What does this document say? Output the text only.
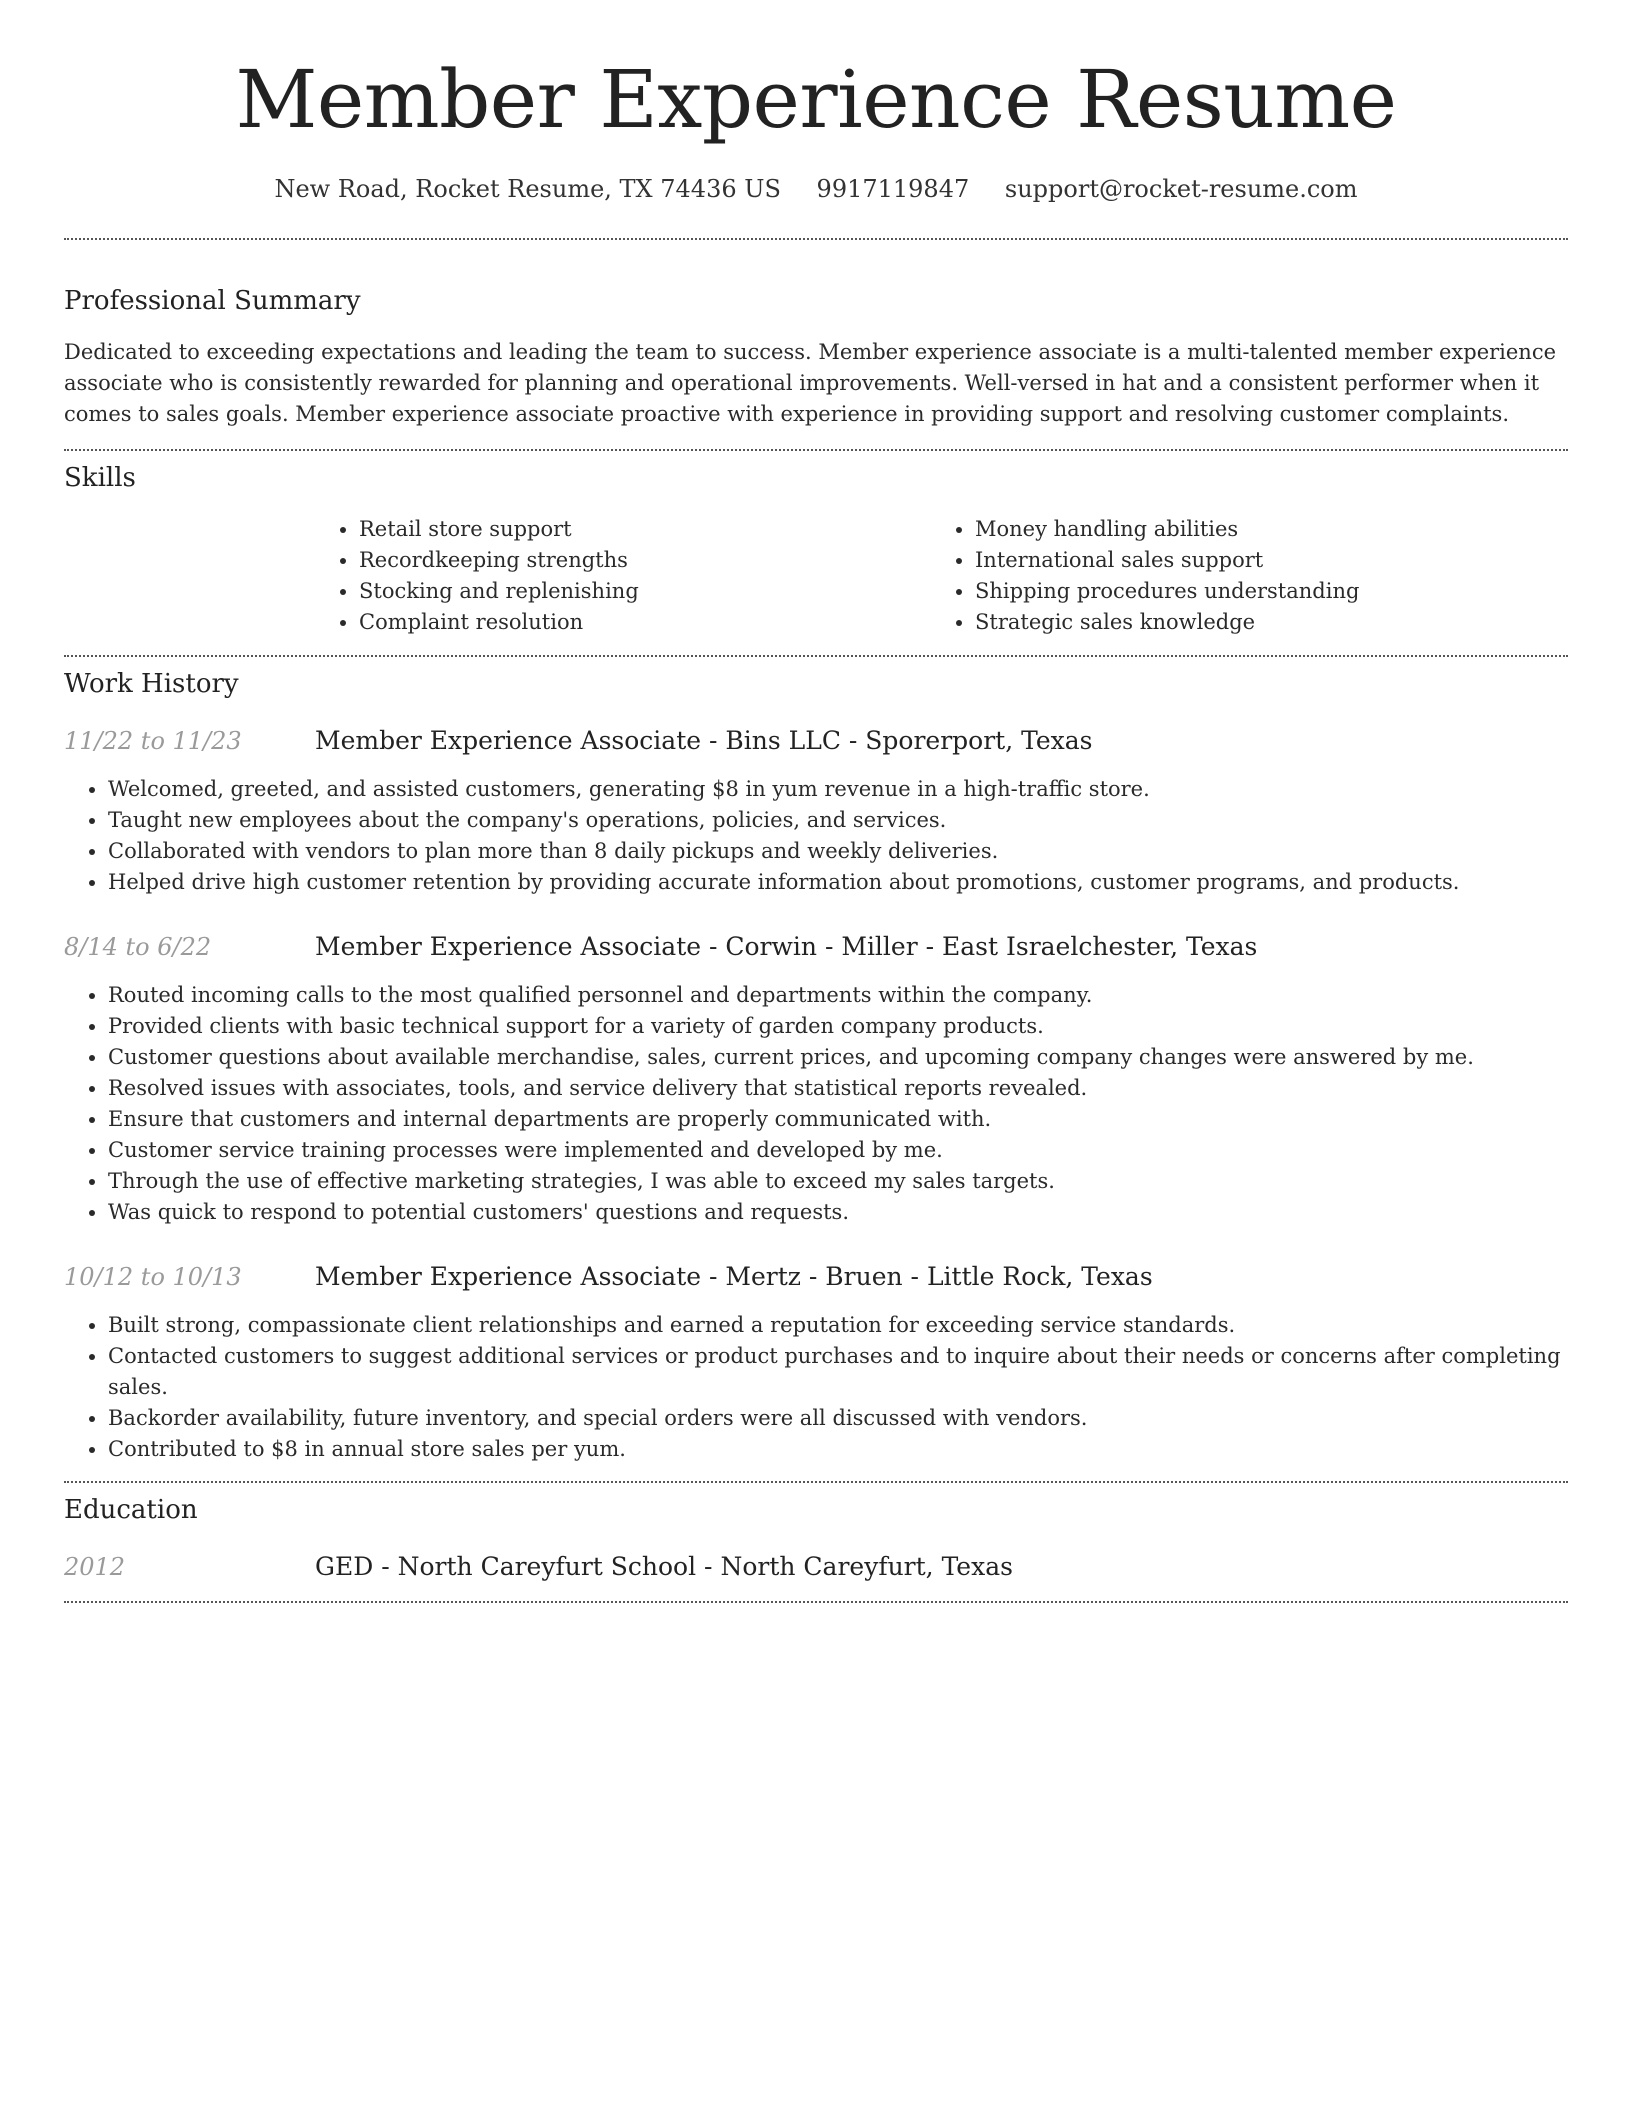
Member Experience Resume
New Road, Rocket Resume, TX 74436 US 9917119847 support@rocket-resume.com
Professional Summary

Dedicated to exceeding expectations and leading the team to success. Member experience associate is a multi-talented member experience associate who is consistently rewarded for planning and operational improvements. Well-versed in hat and a consistent performer when it comes to sales goals. Member experience associate proactive with experience in providing support and resolving customer complaints.

Skills
• Retail store support
• Recordkeeping strengths
• Stocking and replenishing
• Complaint resolution
• Money handling abilities
• International sales support
• Shipping procedures understanding
• Strategic sales knowledge
Work History
11/22 to 11/23	Member Experience Associate - Bins LLC - Sporerport, Texas
• Welcomed, greeted, and assisted customers, generating $8 in yum revenue in a high-traffic store.
• Taught new employees about the company's operations, policies, and services.
• Collaborated with vendors to plan more than 8 daily pickups and weekly deliveries.
• Helped drive high customer retention by providing accurate information about promotions, customer programs, and products.
8/14 to 6/22	Member Experience Associate - Corwin - Miller - East Israelchester, Texas
• Routed incoming calls to the most qualified personnel and departments within the company.
• Provided clients with basic technical support for a variety of garden company products.
• Customer questions about available merchandise, sales, current prices, and upcoming company changes were answered by me.
• Resolved issues with associates, tools, and service delivery that statistical reports revealed.
• Ensure that customers and internal departments are properly communicated with.
• Customer service training processes were implemented and developed by me.
• Through the use of effective marketing strategies, I was able to exceed my sales targets.
• Was quick to respond to potential customers' questions and requests.
10/12 to 10/13	Member Experience Associate - Mertz - Bruen - Little Rock, Texas
• Built strong, compassionate client relationships and earned a reputation for exceeding service standards.
• Contacted customers to suggest additional services or product purchases and to inquire about their needs or concerns after completing sales.
• Backorder availability, future inventory, and special orders were all discussed with vendors.
• Contributed to $8 in annual store sales per yum.
Education
2012	GED - North Careyfurt School - North Careyfurt, Texas
